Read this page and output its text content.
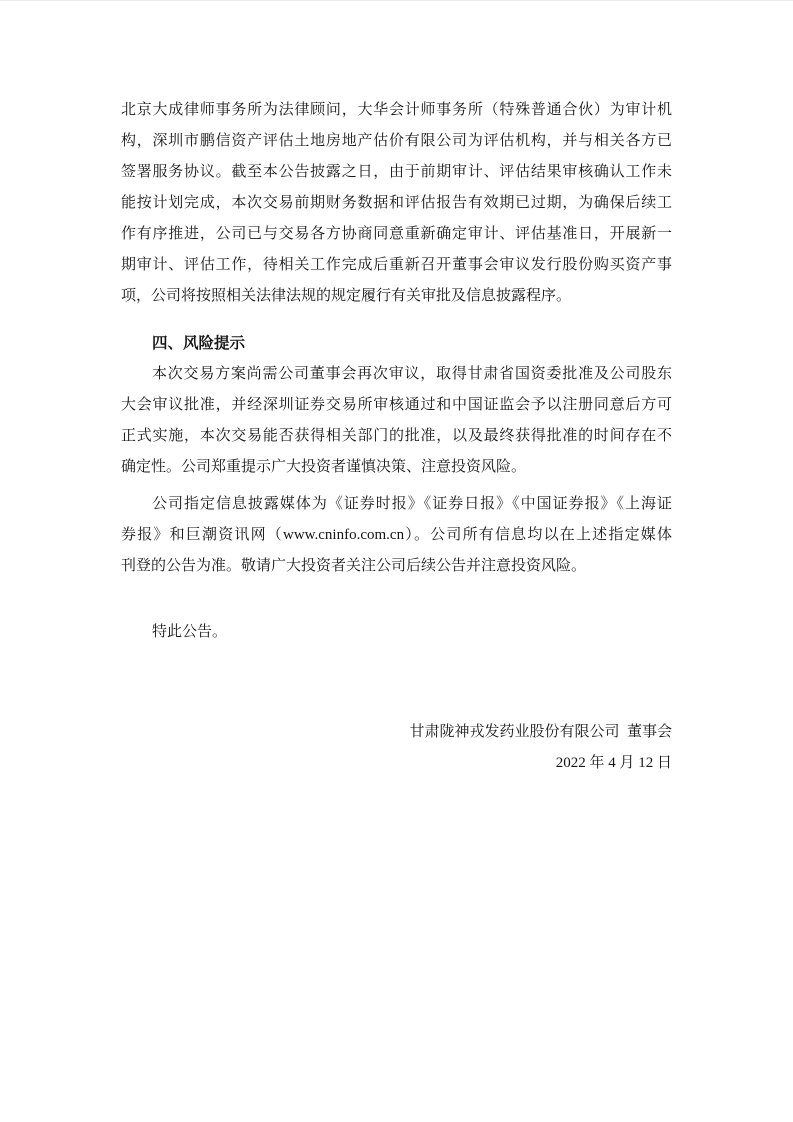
北京大成律师事务所为法律顾问，大华会计师事务所（特殊普通合伙）为审计机
构，深圳市鹏信资产评估土地房地产估价有限公司为评估机构，并与相关各方已
签署服务协议。截至本公告披露之日，由于前期审计、评估结果审核确认工作未
能按计划完成，本次交易前期财务数据和评估报告有效期已过期，为确保后续工
作有序推进，公司已与交易各方协商同意重新确定审计、评估基准日，开展新一
期审计、评估工作，待相关工作完成后重新召开董事会审议发行股份购买资产事
项，公司将按照相关法律法规的规定履行有关审批及信息披露程序。
四、风险提示
本次交易方案尚需公司董事会再次审议，取得甘肃省国资委批准及公司股东
大会审议批准，并经深圳证券交易所审核通过和中国证监会予以注册同意后方可
正式实施，本次交易能否获得相关部门的批准，以及最终获得批准的时间存在不
确定性。公司郑重提示广大投资者谨慎决策、注意投资风险。
公司指定信息披露媒体为《证券时报》《证券日报》《中国证券报》《上海证
券报》和巨潮资讯网（www.cninfo.com.cn）。公司所有信息均以在上述指定媒体
刊登的公告为准。敬请广大投资者关注公司后续公告并注意投资风险。
特此公告。
甘肃陇神戎发药业股份有限公司  董事会
2022 年 4 月 12 日
